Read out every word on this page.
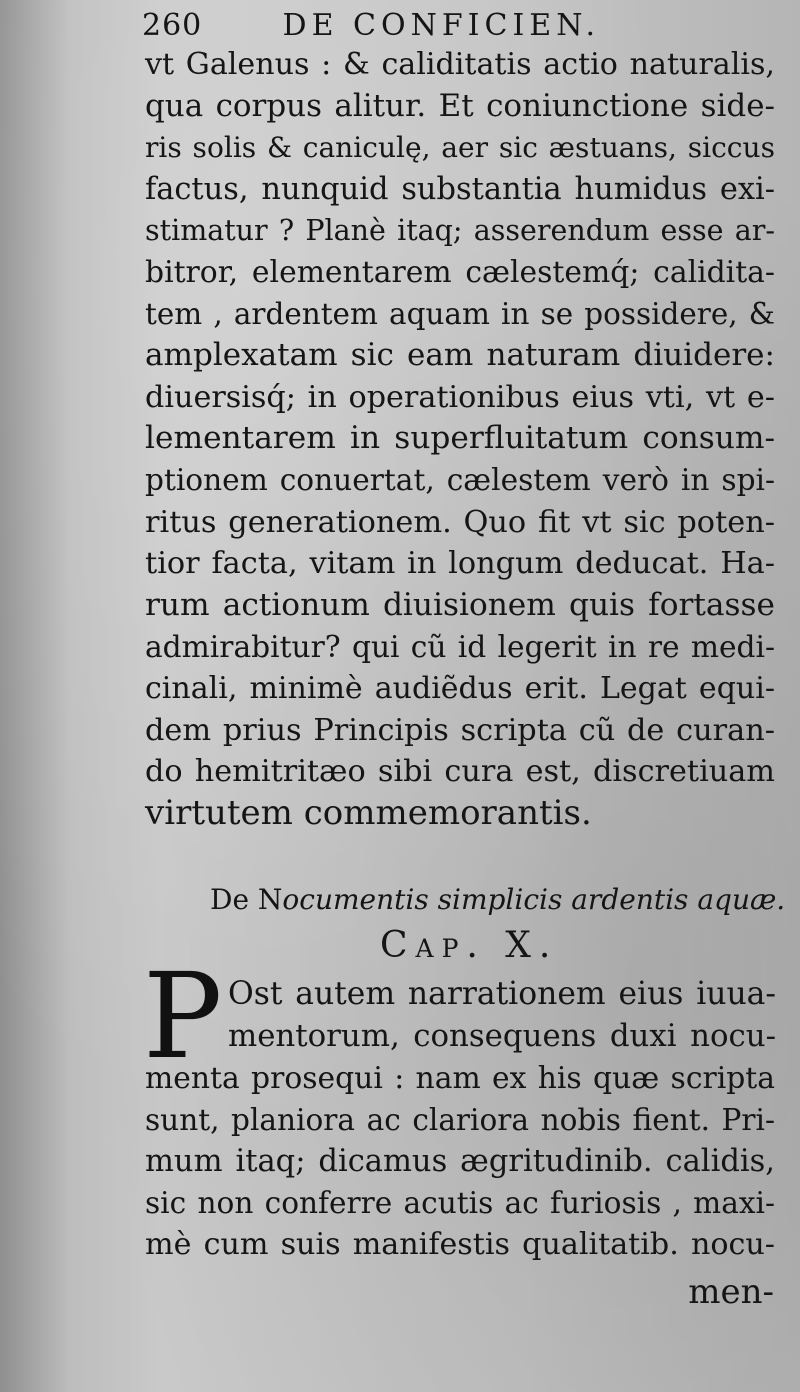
260	DE CONFICIEN.
vt Galenus : & caliditatis actio naturalis,
qua corpus alitur. Et coniunctione side-
ris solis & caniculę, aer sic æstuans, siccus
factus, nunquid substantia humidus exi-
stimatur ? Planè itaq; asserendum esse ar-
bitror, elementarem cælestemq́; calidita-
tem , ardentem aquam in se possidere, &
amplexatam sic eam naturam diuidere:
diuersisq́; in operationibus eius vti, vt e-
lementarem in superfluitatum consum-
ptionem conuertat, cælestem verò in spi-
ritus generationem. Quo fit vt sic poten-
tior facta, vitam in longum deducat. Ha-
rum actionum diuisionem quis fortasse
admirabitur? qui cũ id legerit in re medi-
cinali, minimè audiẽdus erit. Legat equi-
dem prius Principis scripta cũ de curan-
do hemitritæo sibi cura est, discretiuam
virtutem commemorantis.
De Nocumentis simplicis ardentis aquæ.
Cap. X.
P Ost autem narrationem eius iuua-
mentorum, consequens duxi nocu-
menta prosequi : nam ex his quæ scripta
sunt, planiora ac clariora nobis fient. Pri-
mum itaq; dicamus ægritudinib. calidis,
sic non conferre acutis ac furiosis , maxi-
mè cum suis manifestis qualitatib. nocu-
men-
